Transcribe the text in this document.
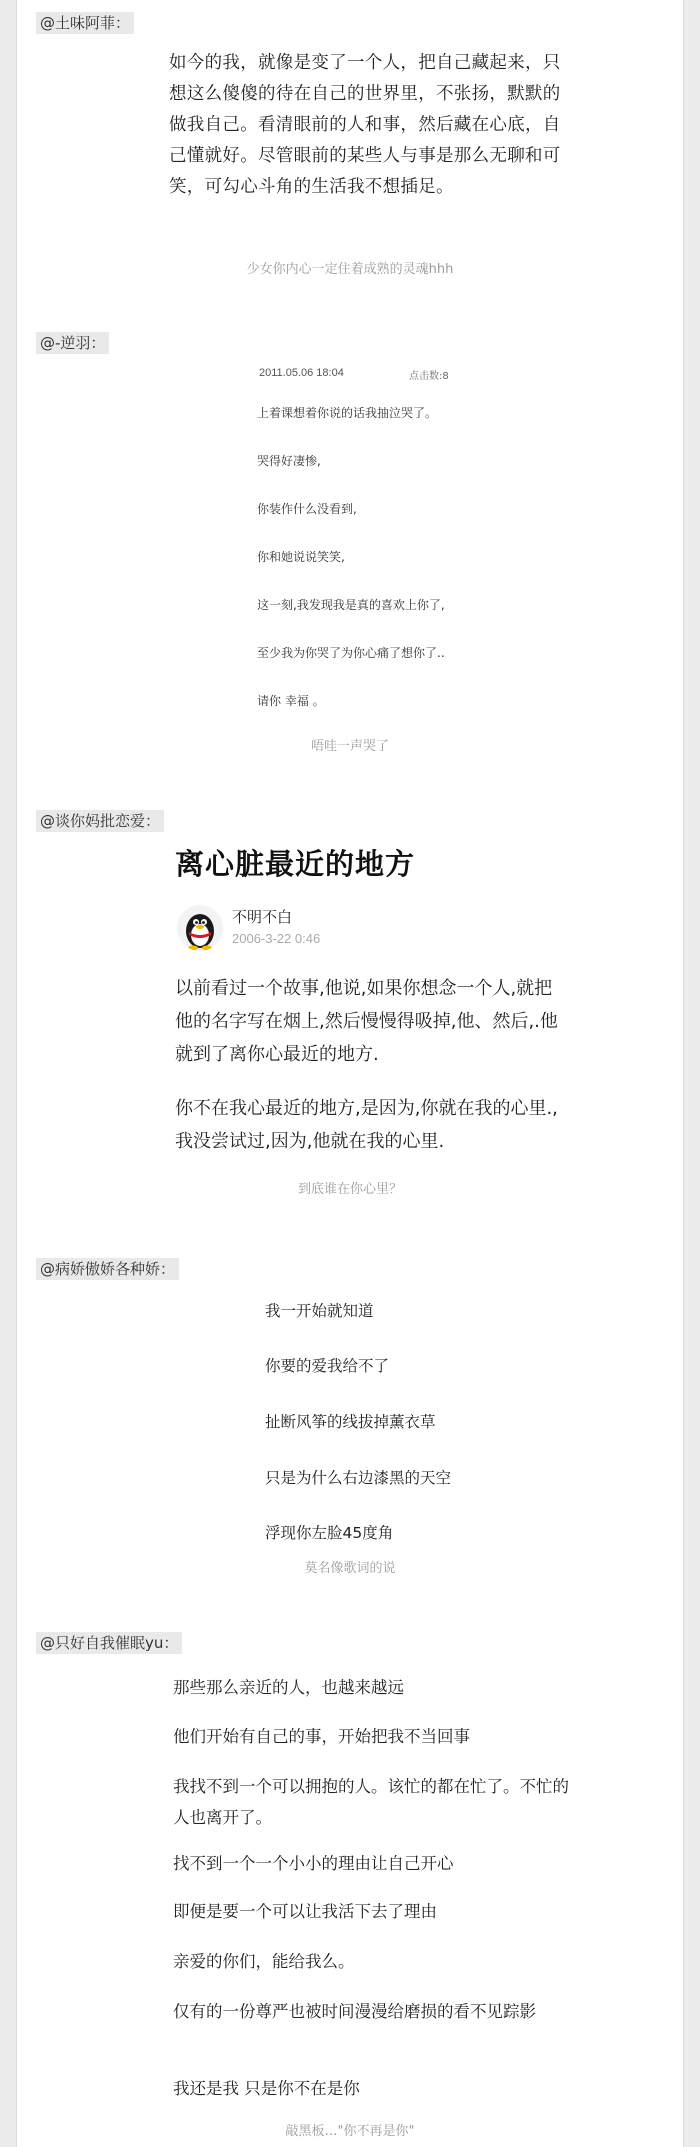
@土味阿菲：
如今的我，就像是变了一个人，把自己藏起来，只想这么傻傻的待在自己的世界里，不张扬，默默的做我自己。看清眼前的人和事，然后藏在心底，自己懂就好。尽管眼前的某些人与事是那么无聊和可笑，可勾心斗角的生活我不想插足。
少女你内心一定住着成熟的灵魂hhh
@-逆羽：
2011.05.06 18:04	点击数:8
上着课想着你说的话我抽泣哭了。
哭得好凄惨,
你装作什么没看到,
你和她说说笑笑,
这一刻,我发现我是真的喜欢上你了,
至少我为你哭了为你心痛了想你了..
请你 幸福 。
唔哇一声哭了
@谈你妈批恋爱：
离心脏最近的地方
不明不白
2006-3-22 0:46
以前看过一个故事,他说,如果你想念一个人,就把他的名字写在烟上,然后慢慢得吸掉,他、然后,.他就到了离你心最近的地方.
你不在我心最近的地方,是因为,你就在我的心里.,我没尝试过,因为,他就在我的心里.
到底谁在你心里？
@病娇傲娇各种娇：
我一开始就知道
你要的爱我给不了
扯断风筝的线拔掉薰衣草
只是为什么右边漆黑的天空
浮现你左脸45度角
莫名像歌词的说
@只好自我催眠yu：
那些那么亲近的人，也越来越远
他们开始有自己的事，开始把我不当回事
我找不到一个可以拥抱的人。该忙的都在忙了。不忙的人也离开了。
找不到一个一个小小的理由让自己开心
即便是要一个可以让我活下去了理由
亲爱的你们，能给我么。
仅有的一份尊严也被时间漫漫给磨损的看不见踪影
我还是我 只是你不在是你
敲黑板…"你不再是你"
